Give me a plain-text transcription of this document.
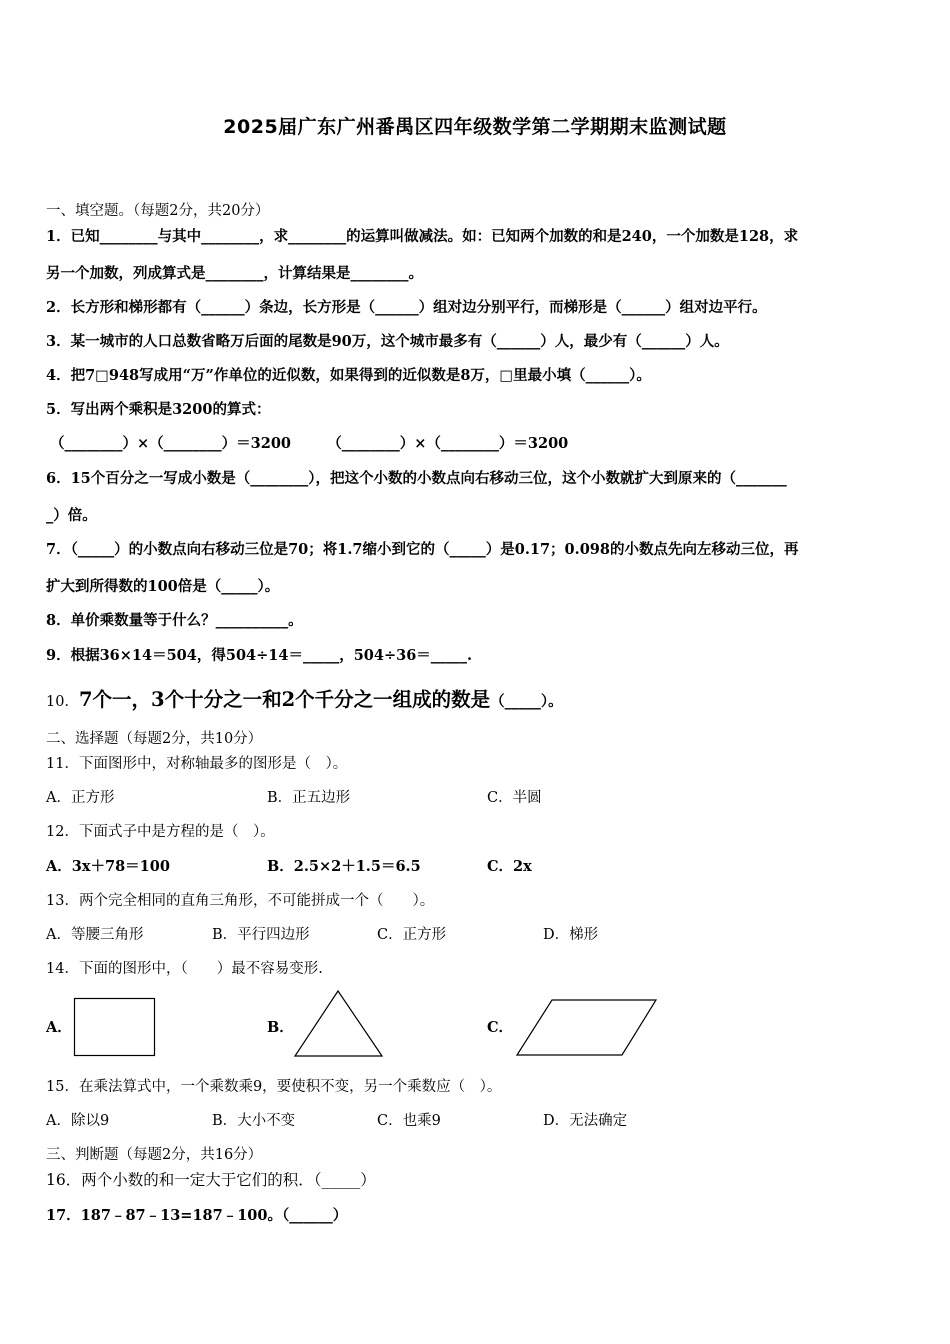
2025届广东广州番禺区四年级数学第二学期期末监测试题
一、填空题。（每题2分，共20分）
1．已知________与其中________，求________的运算叫做减法。如：已知两个加数的和是240，一个加数是128，求
另一个加数，列成算式是________，计算结果是________。
2．长方形和梯形都有（______）条边，长方形是（______）组对边分别平行，而梯形是（______）组对边平行。
3．某一城市的人口总数省略万后面的尾数是90万，这个城市最多有（______）人，最少有（______）人。
4．把7□948写成用“万”作单位的近似数，如果得到的近似数是8万，□里最小填（______）。
5．写出两个乘积是3200的算式：
（________）×（________）＝3200　　　（________）×（________）＝3200
6．15个百分之一写成小数是（________），把这个小数的小数点向右移动三位，这个小数就扩大到原来的（_______
_）倍。
7．（_____）的小数点向右移动三位是70；将1.7缩小到它的（_____）是0.17；0.098的小数点先向左移动三位，再
扩大到所得数的100倍是（_____）。
8．单价乘数量等于什么？__________。
9．根据36×14＝504，得504÷14＝_____，504÷36＝_____.
10．7个一，3个十分之一和2个千分之一组成的数是（_____）。
二、选择题（每题2分，共10分）
11．下面图形中，对称轴最多的图形是（　）。
A．正方形	B．正五边形	C．半圆
12．下面式子中是方程的是（　）。
A．3x＋78＝100	B．2.5×2＋1.5＝6.5	C．2x
13．两个完全相同的直角三角形，不可能拼成一个（　　）。
A．等腰三角形	B．平行四边形	C．正方形	D．梯形
14．下面的图形中，（　　）最不容易变形.
A．	B．	C．
15．在乘法算式中，一个乘数乘9，要使积不变，另一个乘数应（　）。
A．除以9	B．大小不变	C．也乘9	D．无法确定
三、判断题（每题2分，共16分）
16．两个小数的和一定大于它们的积．（_____）
17．187﹣87﹣13=187﹣100。（______）
